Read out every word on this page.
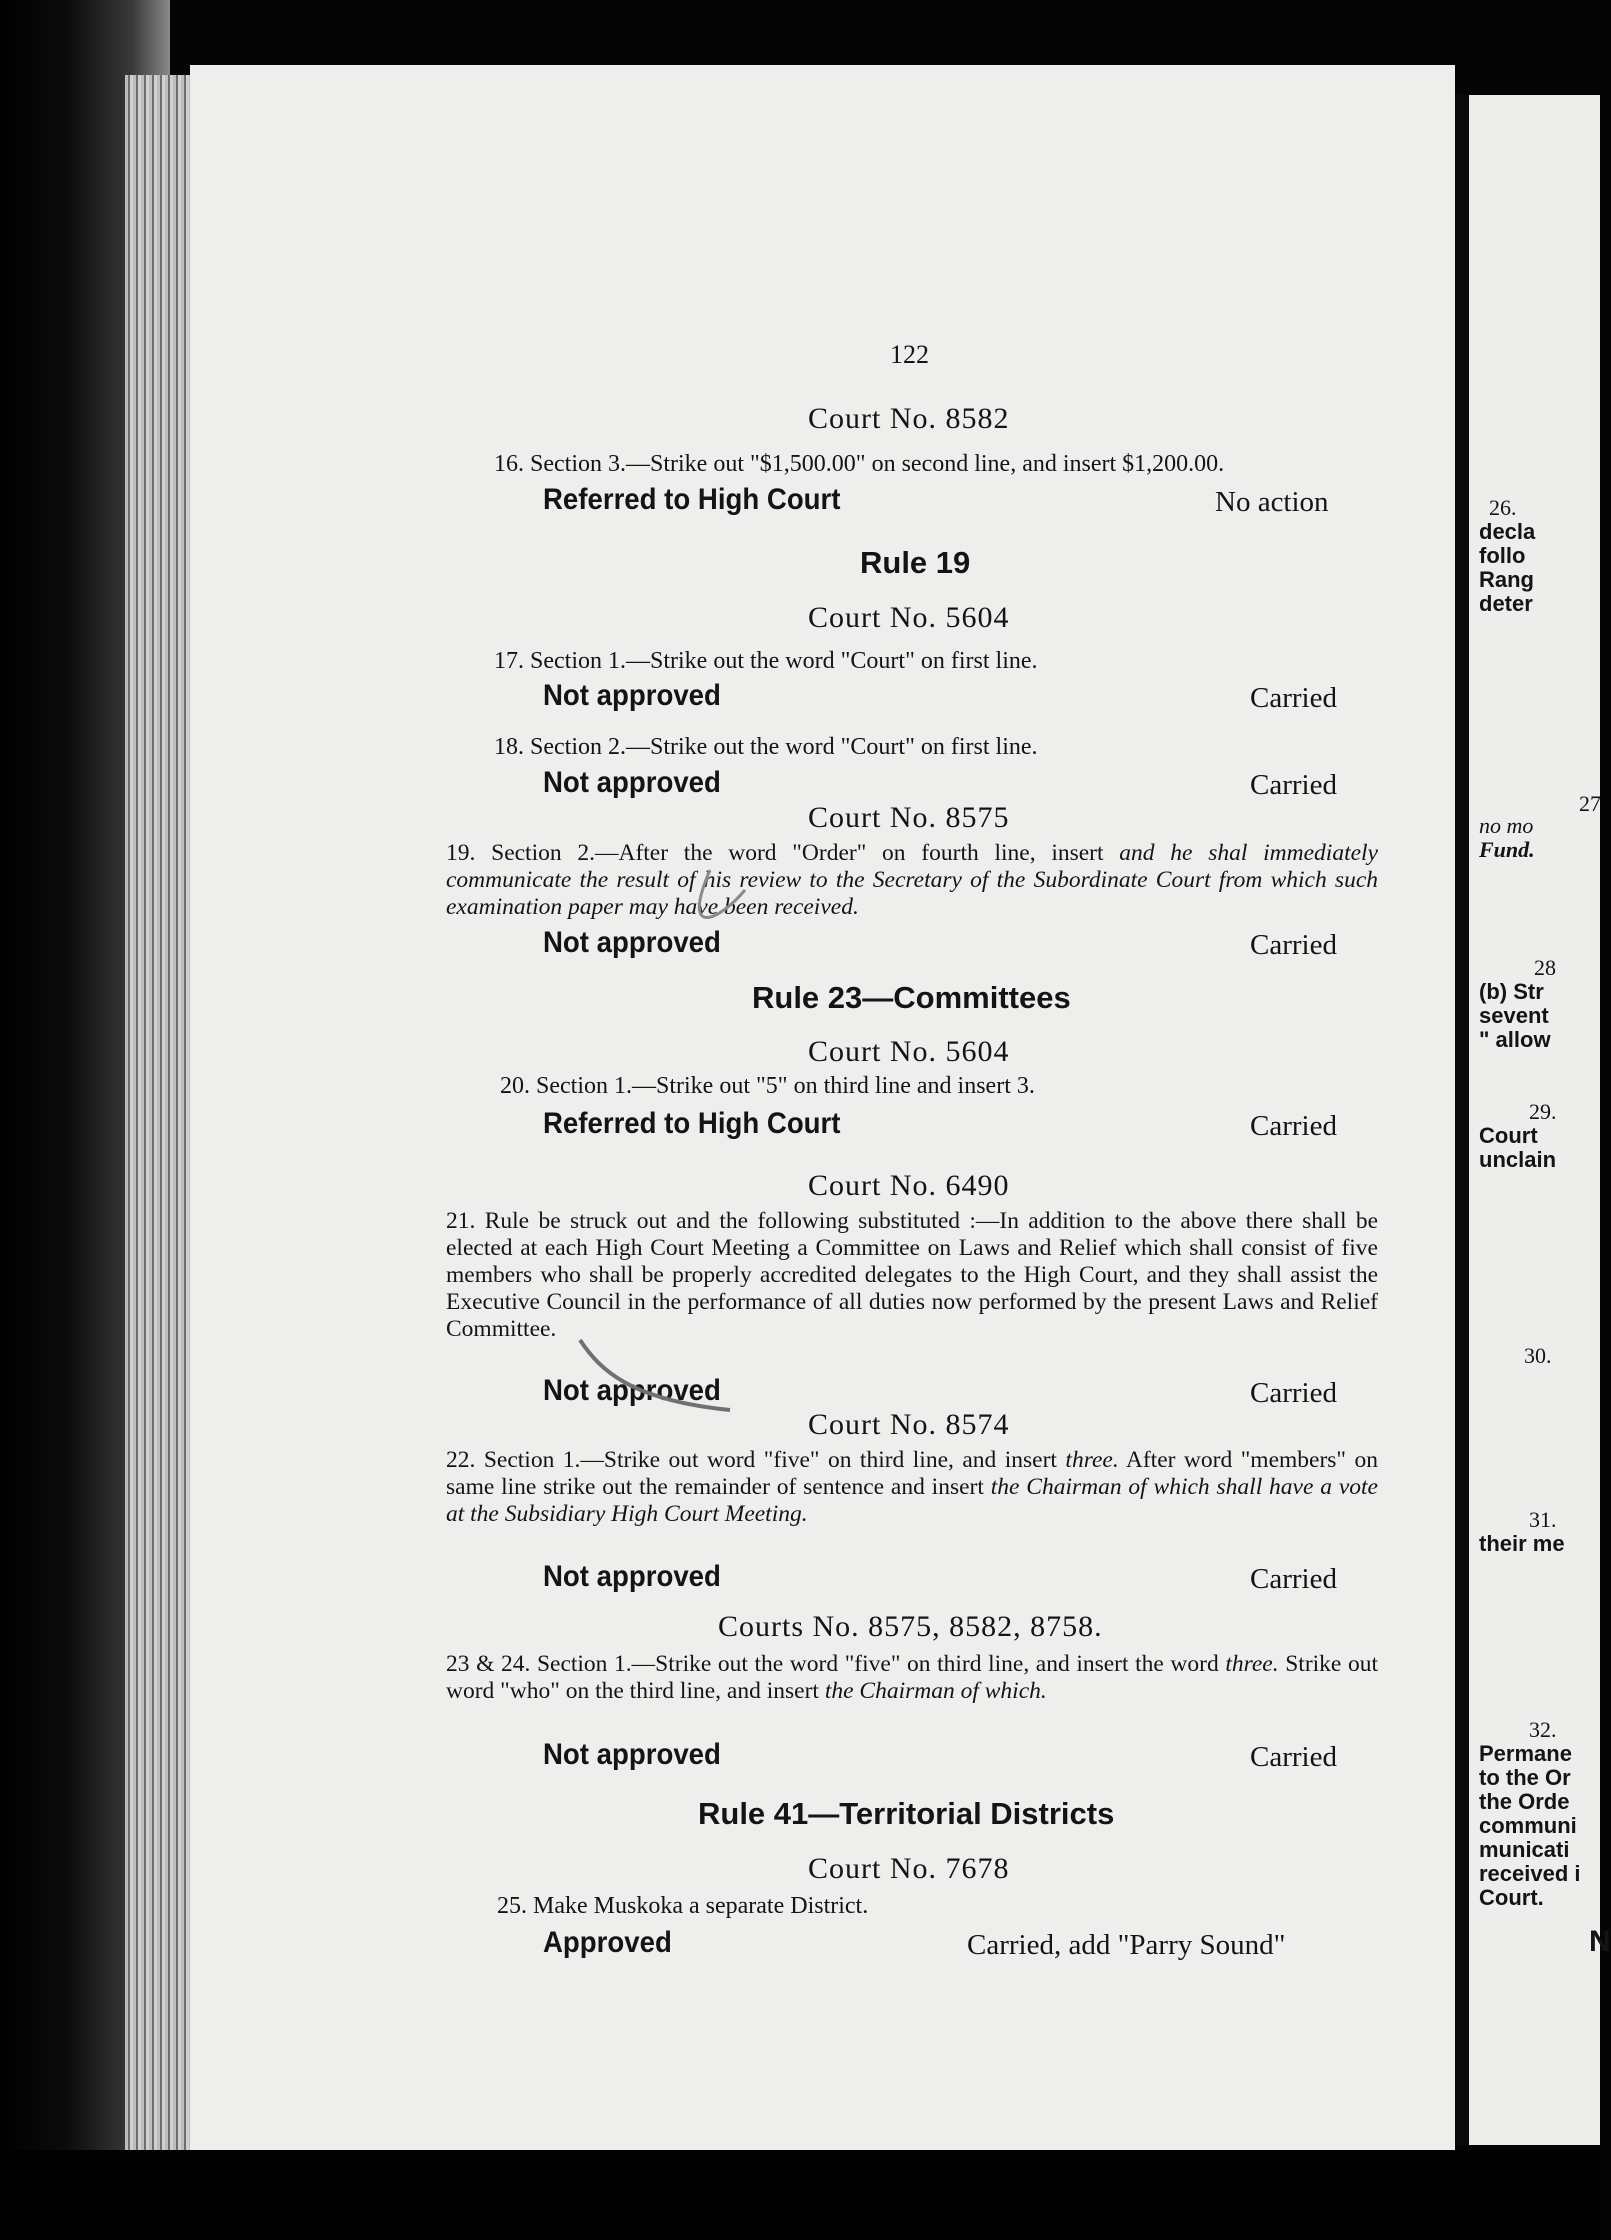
122
Court No. 8582
16. Section 3.—Strike out "$1,500.00" on second line, and insert $1,200.00.
Referred to High Court	No action
Rule 19
Court No. 5604
17. Section 1.—Strike out the word "Court" on first line.
Not approved	Carried
18. Section 2.—Strike out the word "Court" on first line.
Not approved	Carried
Court No. 8575
19. Section 2.—After the word "Order" on fourth line, insert and he shal immediately communicate the result of his review to the Secretary of the Subordinate Court from which such examination paper may have been received.
Not approved	Carried
Rule 23—Committees
Court No. 5604
20. Section 1.—Strike out "5" on third line and insert 3.
Referred to High Court	Carried
Court No. 6490
21. Rule be struck out and the following substituted :—In addition to the above there shall be elected at each High Court Meeting a Committee on Laws and Relief which shall consist of five members who shall be properly accredited delegates to the High Court, and they shall assist the Executive Council in the performance of all duties now performed by the present Laws and Relief Committee.
Not approved	Carried
Court No. 8574
22. Section 1.—Strike out word "five" on third line, and insert three. After word "members" on same line strike out the remainder of sentence and insert the Chairman of which shall have a vote at the Subsidiary High Court Meeting.
Not approved	Carried
Courts No. 8575, 8582, 8758.
23 & 24. Section 1.—Strike out the word "five" on third line, and insert the word three. Strike out word "who" on the third line, and insert the Chairman of which.
Not approved	Carried
Rule 41—Territorial Districts
Court No. 7678
25. Make Muskoka a separate District.
Approved	Carried, add "Parry Sound"
26.
decla
follo
Rang
deter
27
no mo
Fund.
28
(b) Str
sevent
" allow
29.
Court
unclain
30.
31.
their me
32.
Permane
to the Or
the Orde
communi
municati
received i
Court.
N
